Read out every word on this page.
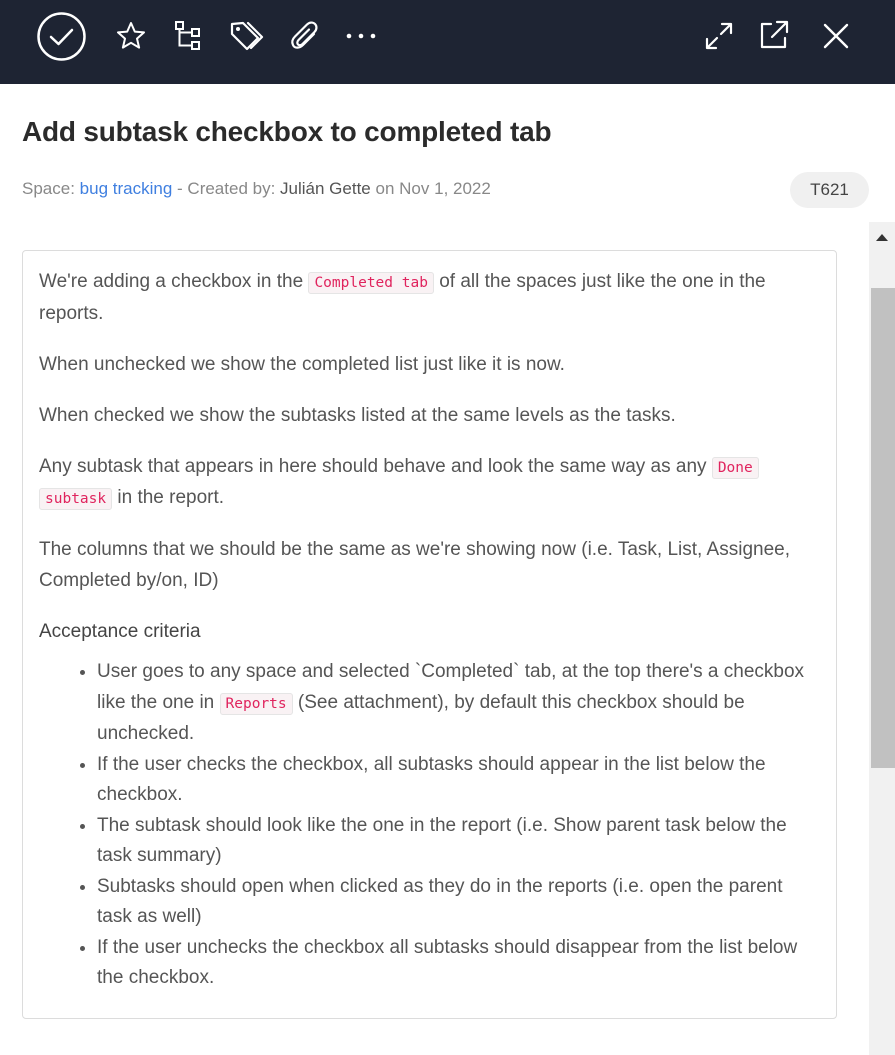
Add subtask checkbox to completed tab
Space: bug tracking - Created by: Julián Gette on Nov 1, 2022	T621

We're adding a checkbox in the Completed tab of all the spaces just like the one in the reports.

When unchecked we show the completed list just like it is now.

When checked we show the subtasks listed at the same levels as the tasks.

Any subtask that appears in here should behave and look the same way as any Done
subtask in the report.

The columns that we should be the same as we're showing now (i.e. Task, List, Assignee, Completed by/on, ID)

Acceptance criteria
• User goes to any space and selected `Completed` tab, at the top there's a checkbox like the one in Reports (See attachment), by default this checkbox should be unchecked.
• If the user checks the checkbox, all subtasks should appear in the list below the checkbox.
• The subtask should look like the one in the report (i.e. Show parent task below the task summary)
• Subtasks should open when clicked as they do in the reports (i.e. open the parent task as well)
• If the user unchecks the checkbox all subtasks should disappear from the list below the checkbox.
